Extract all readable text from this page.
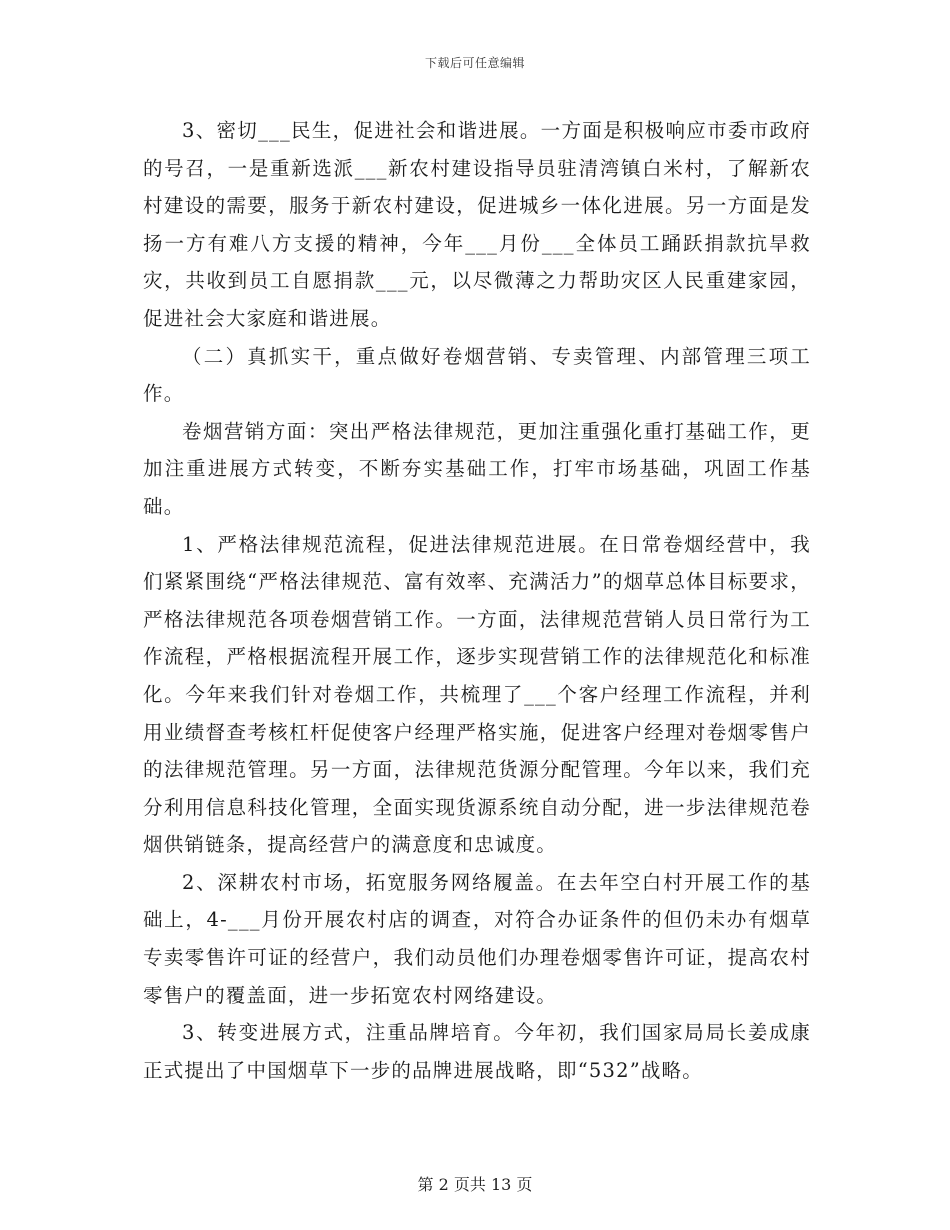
下载后可任意编辑

3、密切___民生，促进社会和谐进展。一方面是积极响应市委市政府的号召，一是重新选派___新农村建设指导员驻清湾镇白米村，了解新农村建设的需要，服务于新农村建设，促进城乡一体化进展。另一方面是发扬一方有难八方支援的精神，今年___月份___全体员工踊跃捐款抗旱救灾，共收到员工自愿捐款___元，以尽微薄之力帮助灾区人民重建家园，促进社会大家庭和谐进展。

（二）真抓实干，重点做好卷烟营销、专卖管理、内部管理三项工作。

卷烟营销方面：突出严格法律规范，更加注重强化重打基础工作，更加注重进展方式转变，不断夯实基础工作，打牢市场基础，巩固工作基础。

1、严格法律规范流程，促进法律规范进展。在日常卷烟经营中，我们紧紧围绕“严格法律规范、富有效率、充满活力”的烟草总体目标要求，严格法律规范各项卷烟营销工作。一方面，法律规范营销人员日常行为工作流程，严格根据流程开展工作，逐步实现营销工作的法律规范化和标准化。今年来我们针对卷烟工作，共梳理了___个客户经理工作流程，并利用业绩督查考核杠杆促使客户经理严格实施，促进客户经理对卷烟零售户的法律规范管理。另一方面，法律规范货源分配管理。今年以来，我们充分利用信息科技化管理，全面实现货源系统自动分配，进一步法律规范卷烟供销链条，提高经营户的满意度和忠诚度。

2、深耕农村市场，拓宽服务网络履盖。在去年空白村开展工作的基础上，4-___月份开展农村店的调查，对符合办证条件的但仍未办有烟草专卖零售许可证的经营户，我们动员他们办理卷烟零售许可证，提高农村零售户的覆盖面，进一步拓宽农村网络建设。

3、转变进展方式，注重品牌培育。今年初，我们国家局局长姜成康正式提出了中国烟草下一步的品牌进展战略，即“532”战略。

第 2 页共 13 页
